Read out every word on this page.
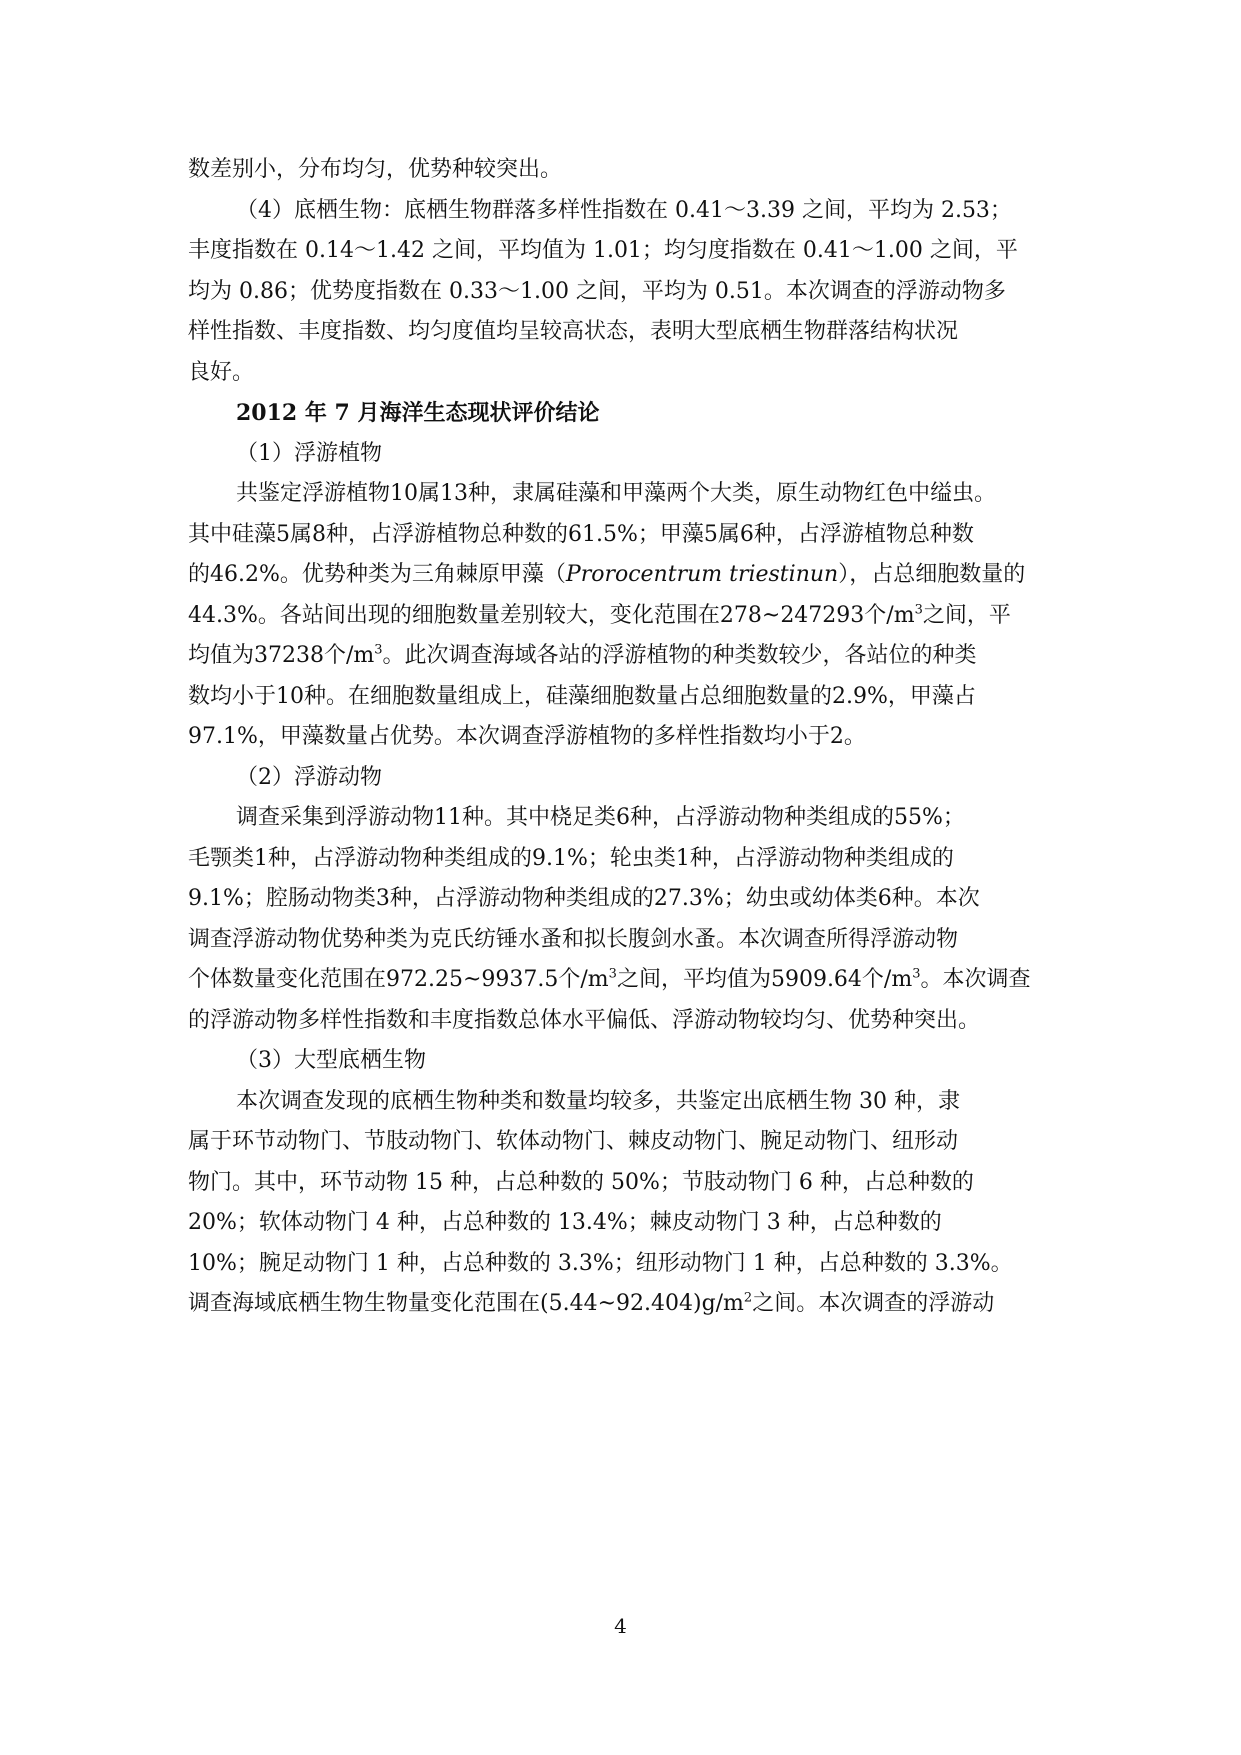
数差别小，分布均匀，优势种较突出。
（4）底栖生物：底栖生物群落多样性指数在 0.41～3.39 之间，平均为 2.53；
丰度指数在 0.14～1.42 之间，平均值为 1.01；均匀度指数在 0.41～1.00 之间，平
均为 0.86；优势度指数在 0.33～1.00 之间，平均为 0.51。本次调查的浮游动物多
样性指数、丰度指数、均匀度值均呈较高状态，表明大型底栖生物群落结构状况
良好。
2012 年 7 月海洋生态现状评价结论
（1）浮游植物
共鉴定浮游植物10属13种，隶属硅藻和甲藻两个大类，原生动物红色中缢虫。
其中硅藻5属8种，占浮游植物总种数的61.5%；甲藻5属6种，占浮游植物总种数
的46.2%。优势种类为三角棘原甲藻（ Prorocentrum triestinun ），占总细胞数量的
44.3%。各站间出现的细胞数量差别较大，变化范围在278~247293个$/m^3$之间，平
均值为37238个$/m^3$。此次调查海域各站的浮游植物的种类数较少，各站位的种类
数均小于10种。在细胞数量组成上，硅藻细胞数量占总细胞数量的2.9%，甲藻占
97.1%，甲藻数量占优势。本次调查浮游植物的多样性指数均小于2。
（2）浮游动物
调查采集到浮游动物11种。其中桡足类6种，占浮游动物种类组成的55%；
毛颚类1种，占浮游动物种类组成的9.1%；轮虫类1种，占浮游动物种类组成的
9.1%；腔肠动物类3种，占浮游动物种类组成的27.3%；幼虫或幼体类6种。本次
调查浮游动物优势种类为克氏纺锤水蚤和拟长腹剑水蚤。本次调查所得浮游动物
个体数量变化范围在972.25~9937.5个$/m^3$之间，平均值为5909.64个$/m^3$。本次调查
的浮游动物多样性指数和丰度指数总体水平偏低、浮游动物较均匀、优势种突出。
（3）大型底栖生物
本次调查发现的底栖生物种类和数量均较多，共鉴定出底栖生物 30 种，隶
属于环节动物门、节肢动物门、软体动物门、棘皮动物门、腕足动物门、纽形动
物门。其中，环节动物 15 种，占总种数的 50%；节肢动物门 6 种，占总种数的
20%；软体动物门 4 种，占总种数的 13.4%；棘皮动物门 3 种，占总种数的
10%；腕足动物门 1 种，占总种数的 3.3%；纽形动物门 1 种，占总种数的 3.3%。
调查海域底栖生物生物量变化范围在$(5.44\sim 92.404)g/m^2$之间。本次调查的浮游动
4
